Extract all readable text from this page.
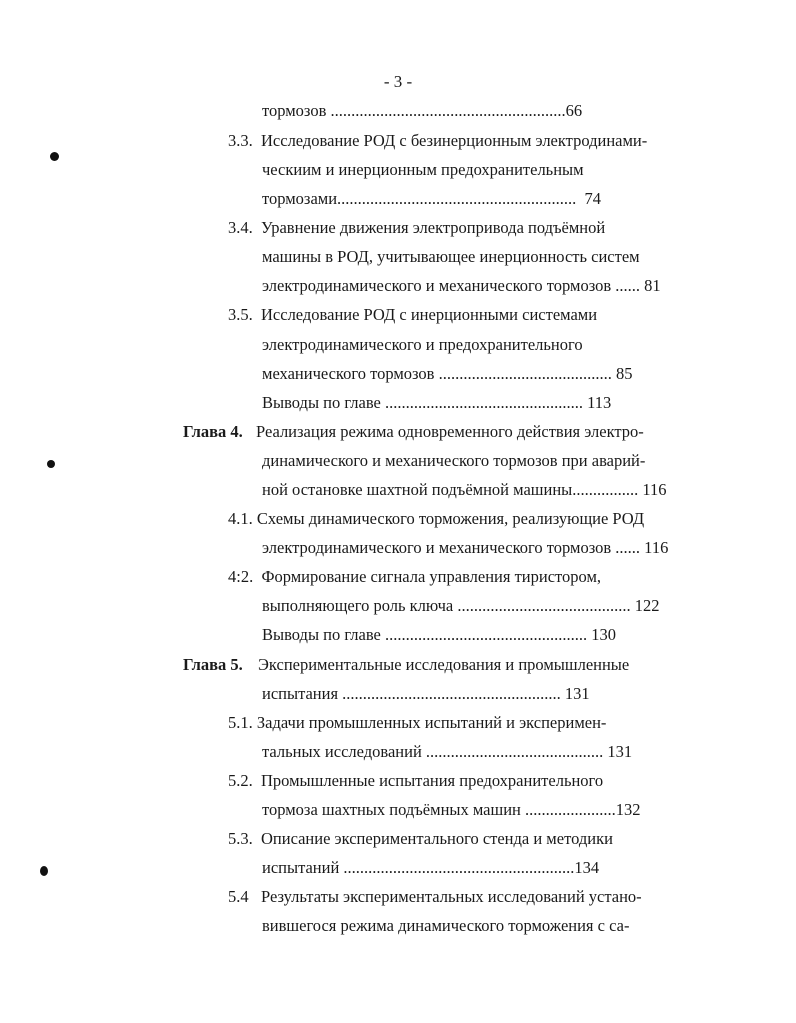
- 3 -
тормозов .........................................................66
3.3.  Исследование РОД с безинерционным электродинами-
ческиим и инерционным предохранительным
тормозами..........................................................  74
3.4.  Уравнение движения электропривода подъёмной
машины в РОД, учитывающее инерционность систем
электродинамического и механического тормозов ...... 81
3.5.  Исследование РОД с инерционными системами
электродинамического и предохранительного
механического тормозов .......................................... 85
Выводы по главе ................................................ 113
Глава 4. Реализация режима одновременного действия электро-
динамического и механического тормозов при аварий-
ной остановке шахтной подъёмной машины................ 116
4.1. Схемы динамического торможения, реализующие РОД
электродинамического и механического тормозов ...... 116
4:2.  Формирование сигнала управления тиристором,
выполняющего роль ключа .......................................... 122
Выводы по главе ................................................. 130
Глава 5. Экспериментальные исследования и промышленные
испытания ..................................................... 131
5.1. Задачи промышленных испытаний и эксперимен-
тальных исследований ........................................... 131
5.2.  Промышленные испытания предохранительного
тормоза шахтных подъёмных машин ......................132
5.3.  Описание экспериментального стенда и методики
испытаний ........................................................134
5.4   Результаты экспериментальных исследований устано-
вившегося режима динамического торможения с са-
